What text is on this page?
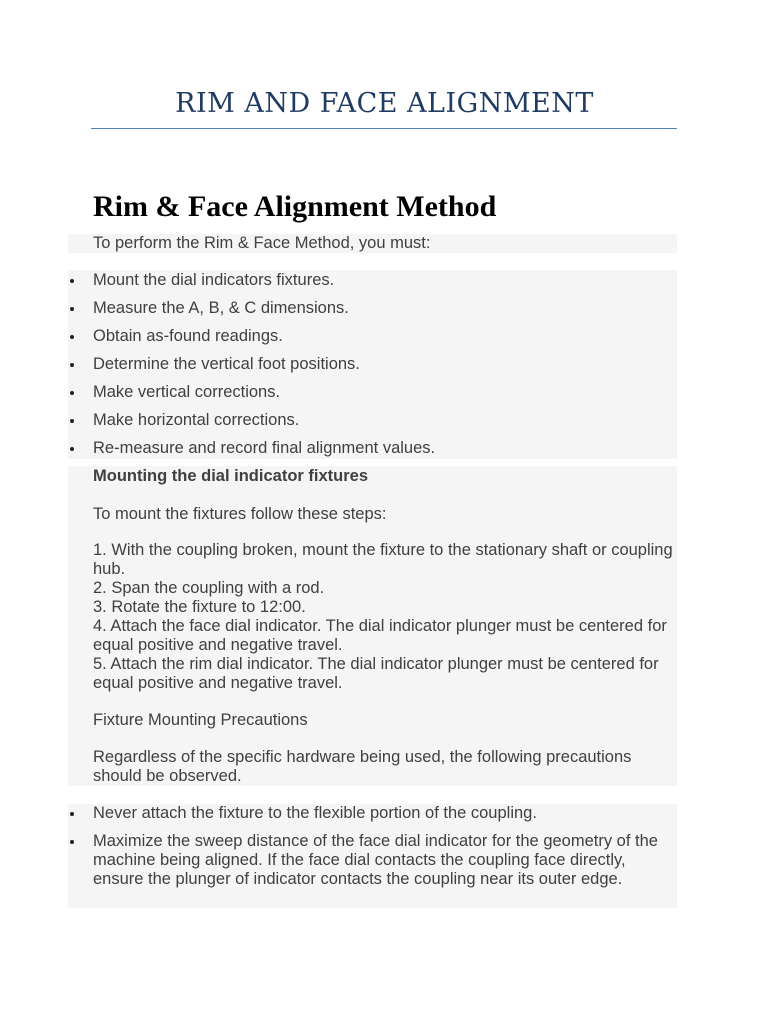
RIM AND FACE ALIGNMENT
Rim & Face Alignment Method
To perform the Rim & Face Method, you must:
Mount the dial indicators fixtures.
Measure the A, B, & C dimensions.
Obtain as-found readings.
Determine the vertical foot positions.
Make vertical corrections.
Make horizontal corrections.
Re-measure and record final alignment values.
Mounting the dial indicator fixtures
To mount the fixtures follow these steps:
1. With the coupling broken, mount the fixture to the stationary shaft or coupling hub.
2. Span the coupling with a rod.
3. Rotate the fixture to 12:00.
4. Attach the face dial indicator. The dial indicator plunger must be centered for equal positive and negative travel.
5. Attach the rim dial indicator. The dial indicator plunger must be centered for equal positive and negative travel.
Fixture Mounting Precautions
Regardless of the specific hardware being used, the following precautions should be observed.
Never attach the fixture to the flexible portion of the coupling.
Maximize the sweep distance of the face dial indicator for the geometry of the machine being aligned. If the face dial contacts the coupling face directly, ensure the plunger of indicator contacts the coupling near its outer edge.
